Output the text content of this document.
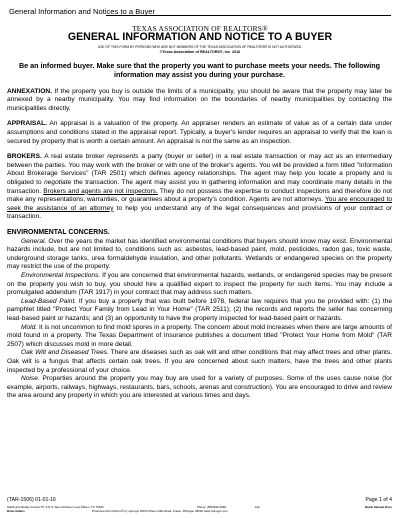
General Information and Notices to a Buyer
TEXAS ASSOCIATION OF REALTORS®
GENERAL INFORMATION AND NOTICE TO A BUYER
USE OF THIS FORM BY PERSONS WHO ARE NOT MEMBERS OF THE TEXAS ASSOCIATION OF REALTORS® IS NOT AUTHORIZED.
©Texas Association of REALTORS®, Inc. 2016

Be an informed buyer. Make sure that the property you want to purchase meets your needs. The following information may assist you during your purchase.

ANNEXATION. If the property you buy is outside the limits of a municipality, you should be aware that the property may later be annexed by a nearby municipality. You may find information on the boundaries of nearby municipalities by contacting the municipalities directly.

APPRAISAL. An appraisal is a valuation of the property. An appraiser renders an estimate of value as of a certain date under assumptions and conditions stated in the appraisal report. Typically, a buyer's lender requires an appraisal to verify that the loan is secured by property that is worth a certain amount. An appraisal is not the same as an inspection.

BROKERS. A real estate broker represents a party (buyer or seller) in a real estate transaction or may act as an intermediary between the parties. You may work with the broker or with one of the broker's agents. You will be provided a form titled "Information About Brokerage Services" (TAR 2501) which defines agency relationships. The agent may help you locate a property and is obligated to negotiate the transaction. The agent may assist you in gathering information and may coordinate many details in the transaction. Brokers and agents are not inspectors. They do not possess the expertise to conduct inspections and therefore do not make any representations, warranties, or guarantees about a property's condition. Agents are not attorneys. You are encouraged to seek the assistance of an attorney to help you understand any of the legal consequences and provisions of your contract or transaction.

ENVIRONMENTAL CONCERNS.

General. Over the years the market has identified environmental conditions that buyers should know may exist. Environmental hazards include, but are not limited to, conditions such as: asbestos, lead-based paint, mold, pesticides, radon gas, toxic waste, underground storage tanks, urea formaldehyde insulation, and other pollutants. Wetlands or endangered species on the property may restrict the use of the property.

Environmental Inspections. If you are concerned that environmental hazards, wetlands, or endangered species may be present on the property you wish to buy, you should hire a qualified expert to inspect the property for such items. You may include a promulgated addendum (TAR 1917) in your contract that may address such matters.

Lead-Based Paint. If you buy a property that was built before 1978, federal law requires that you be provided with: (1) the pamphlet titled "Protect Your Family from Lead in Your Home" (TAR 2511); (2) the records and reports the seller has concerning lead-based paint or hazards; and (3) an opportunity to have the property inspected for lead-based paint or hazards.

Mold. It is not uncommon to find mold spores in a property. The concern about mold increases when there are large amounts of mold found in a property. The Texas Department of Insurance publishes a document titled "Protect Your Home from Mold" (TAR 2507) which discusses mold in more detail.

Oak Wilt and Diseased Trees. There are diseases such as oak wilt and other conditions that may affect trees and other plants. Oak wilt is a fungus that affects certain oak trees. If you are concerned about such matters, have the trees and other plants inspected by a professional of your choice.

Noise. Properties around the property you may buy are used for a variety of purposes. Some of the uses cause noise (for example, airports, railways, highways, restaurants, bars, schools, arenas and construction). You are encouraged to drive and review the area around any property in which you are interested at various times and days.

(TAR-1506) 01-01-16	Page 1 of 4
StarPointe Realty Central TX, 311 S. Sam Scheiner Loop Killeen, TX 76542	Phone: (555)490-3966	Fax:	Blank Sample Docs
Brian Adams	Produced with zipForm® by zipLogix 18070 Fifteen Mile Road, Fraser, Michigan 48026 www.zipLogix.com
